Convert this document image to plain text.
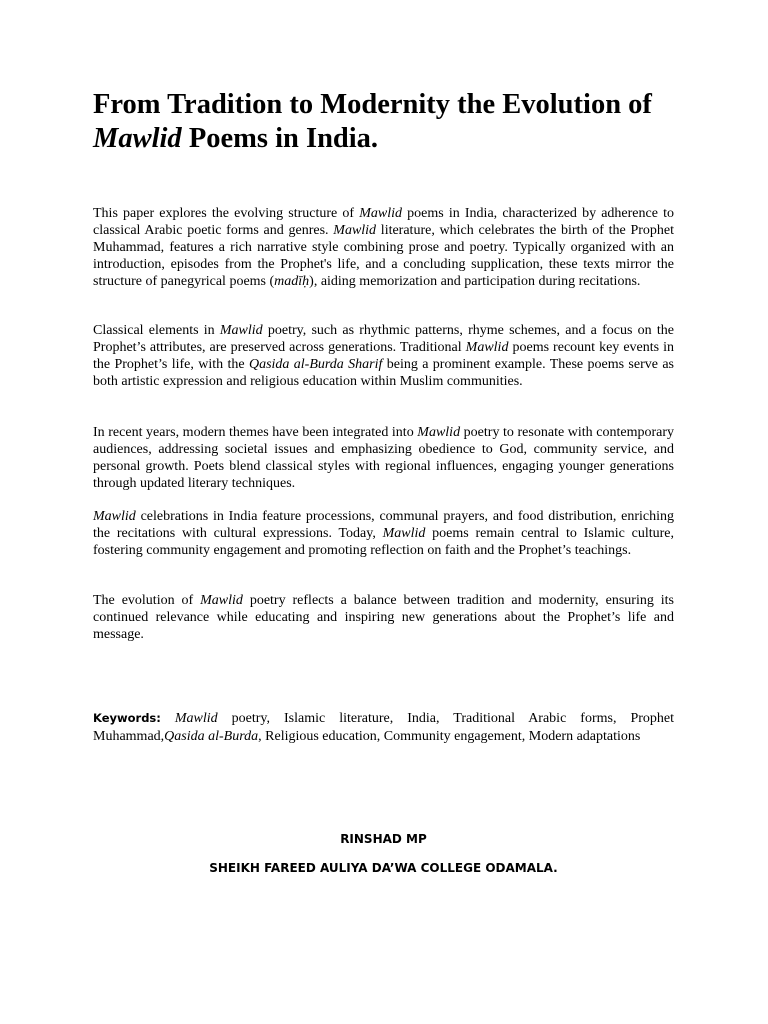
From Tradition to Modernity the Evolution of Mawlid Poems in India.

This paper explores the evolving structure of Mawlid poems in India, characterized by adherence to classical Arabic poetic forms and genres. Mawlid literature, which celebrates the birth of the Prophet Muhammad, features a rich narrative style combining prose and poetry. Typically organized with an introduction, episodes from the Prophet's life, and a concluding supplication, these texts mirror the structure of panegyrical poems (madīḥ), aiding memorization and participation during recitations.

Classical elements in Mawlid poetry, such as rhythmic patterns, rhyme schemes, and a focus on the Prophet’s attributes, are preserved across generations. Traditional Mawlid poems recount key events in the Prophet’s life, with the Qasida al-Burda Sharif being a prominent example. These poems serve as both artistic expression and religious education within Muslim communities.

In recent years, modern themes have been integrated into Mawlid poetry to resonate with contemporary audiences, addressing societal issues and emphasizing obedience to God, community service, and personal growth. Poets blend classical styles with regional influences, engaging younger generations through updated literary techniques.

Mawlid celebrations in India feature processions, communal prayers, and food distribution, enriching the recitations with cultural expressions. Today, Mawlid poems remain central to Islamic culture, fostering community engagement and promoting reflection on faith and the Prophet’s teachings.

The evolution of Mawlid poetry reflects a balance between tradition and modernity, ensuring its continued relevance while educating and inspiring new generations about the Prophet’s life and message.

Keywords: Mawlid poetry, Islamic literature, India, Traditional Arabic forms, Prophet Muhammad,Qasida al-Burda, Religious education, Community engagement, Modern adaptations

RINSHAD MP

SHEIKH FAREED AULIYA DA’WA COLLEGE ODAMALA.
